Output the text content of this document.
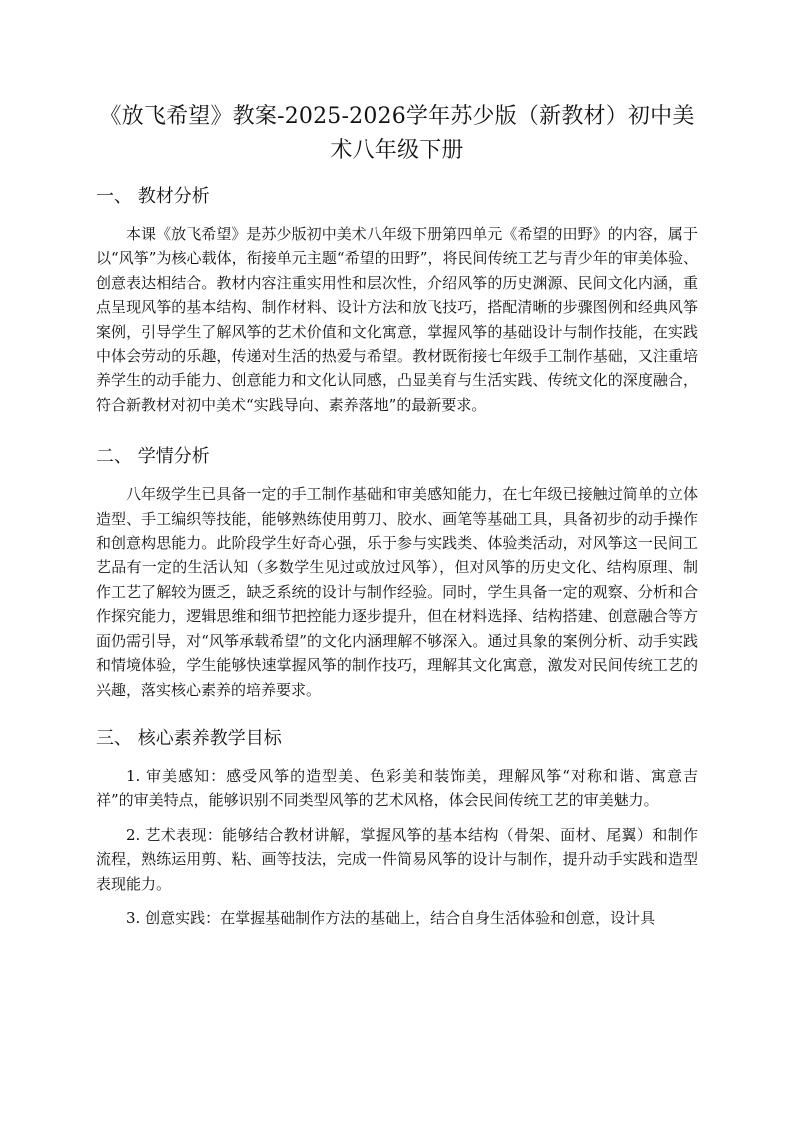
《放飞希望》教案-2025-2026学年苏少版（新教材）初中美术八年级下册
一、 教材分析

本课《放飞希望》是苏少版初中美术八年级下册第四单元《希望的田野》的内容，属于以“风筝”为核心载体，衔接单元主题“希望的田野”，将民间传统工艺与青少年的审美体验、创意表达相结合。教材内容注重实用性和层次性，介绍风筝的历史渊源、民间文化内涵，重点呈现风筝的基本结构、制作材料、设计方法和放飞技巧，搭配清晰的步骤图例和经典风筝案例，引导学生了解风筝的艺术价值和文化寓意，掌握风筝的基础设计与制作技能，在实践中体会劳动的乐趣，传递对生活的热爱与希望。教材既衔接七年级手工制作基础，又注重培养学生的动手能力、创意能力和文化认同感，凸显美育与生活实践、传统文化的深度融合，符合新教材对初中美术“实践导向、素养落地”的最新要求。

二、 学情分析

八年级学生已具备一定的手工制作基础和审美感知能力，在七年级已接触过简单的立体造型、手工编织等技能，能够熟练使用剪刀、胶水、画笔等基础工具，具备初步的动手操作和创意构思能力。此阶段学生好奇心强，乐于参与实践类、体验类活动，对风筝这一民间工艺品有一定的生活认知（多数学生见过或放过风筝），但对风筝的历史文化、结构原理、制作工艺了解较为匮乏，缺乏系统的设计与制作经验。同时，学生具备一定的观察、分析和合作探究能力，逻辑思维和细节把控能力逐步提升，但在材料选择、结构搭建、创意融合等方面仍需引导，对“风筝承载希望”的文化内涵理解不够深入。通过具象的案例分析、动手实践和情境体验，学生能够快速掌握风筝的制作技巧，理解其文化寓意，激发对民间传统工艺的兴趣，落实核心素养的培养要求。

三、 核心素养教学目标

1. 审美感知：感受风筝的造型美、色彩美和装饰美，理解风筝“对称和谐、寓意吉祥”的审美特点，能够识别不同类型风筝的艺术风格，体会民间传统工艺的审美魅力。

2. 艺术表现：能够结合教材讲解，掌握风筝的基本结构（骨架、面材、尾翼）和制作流程，熟练运用剪、粘、画等技法，完成一件简易风筝的设计与制作，提升动手实践和造型表现能力。

3. 创意实践：在掌握基础制作方法的基础上，结合自身生活体验和创意，设计具
